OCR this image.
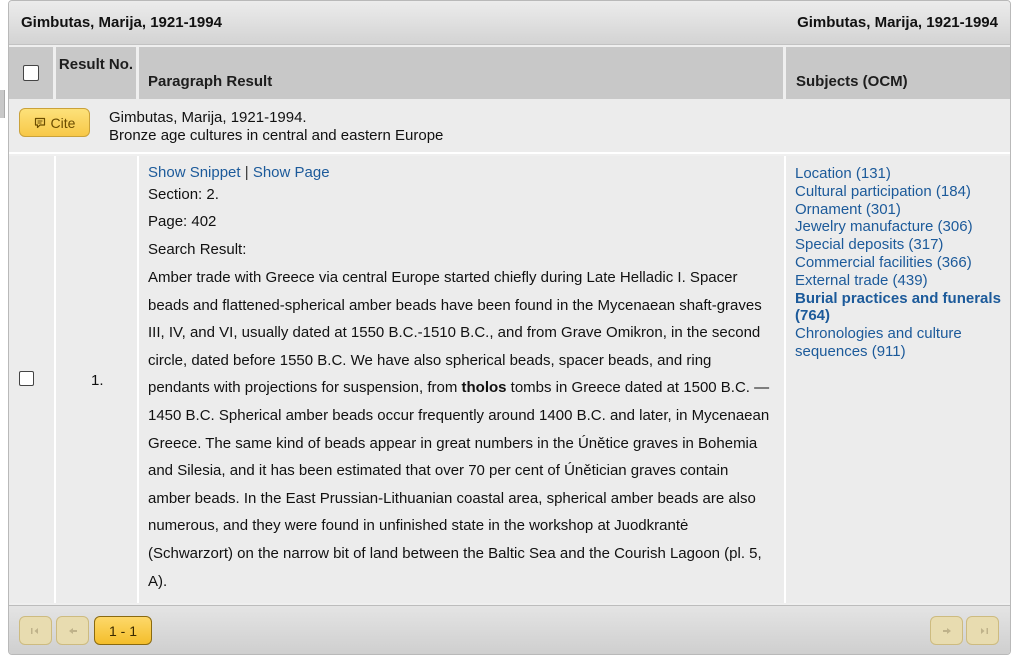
Gimbutas, Marija, 1921-1994	Gimbutas, Marija, 1921-1994
Result No.
Paragraph Result	Subjects (OCM)
Cite Gimbutas, Marija, 1921-1994.
Bronze age cultures in central and eastern Europe
1.
Show Snippet | Show Page
Section: 2.
Page: 402
Search Result:
Amber trade with Greece via central Europe started chiefly during Late Helladic I. Spacer beads and flattened-spherical amber beads have been found in the Mycenaean shaft-graves III, IV, and VI, usually dated at 1550 B.C.-1510 B.C., and from Grave Omikron, in the second circle, dated before 1550 B.C. We have also spherical beads, spacer beads, and ring pendants with projections for suspension, from tholos tombs in Greece dated at 1500 B.C. — 1450 B.C. Spherical amber beads occur frequently around 1400 B.C. and later, in Mycenaean Greece. The same kind of beads appear in great numbers in the Únětice graves in Bohemia and Silesia, and it has been estimated that over 70 per cent of Únětician graves contain amber beads. In the East Prussian-Lithuanian coastal area, spherical amber beads are also numerous, and they were found in unfinished state in the workshop at Juodkrantė (Schwarzort) on the narrow bit of land between the Baltic Sea and the Courish Lagoon (pl. 5, A).
Location (131)
Cultural participation (184)
Ornament (301)
Jewelry manufacture (306)
Special deposits (317)
Commercial facilities (366)
External trade (439)
Burial practices and funerals (764)
Chronologies and culture sequences (911)
1 - 1
